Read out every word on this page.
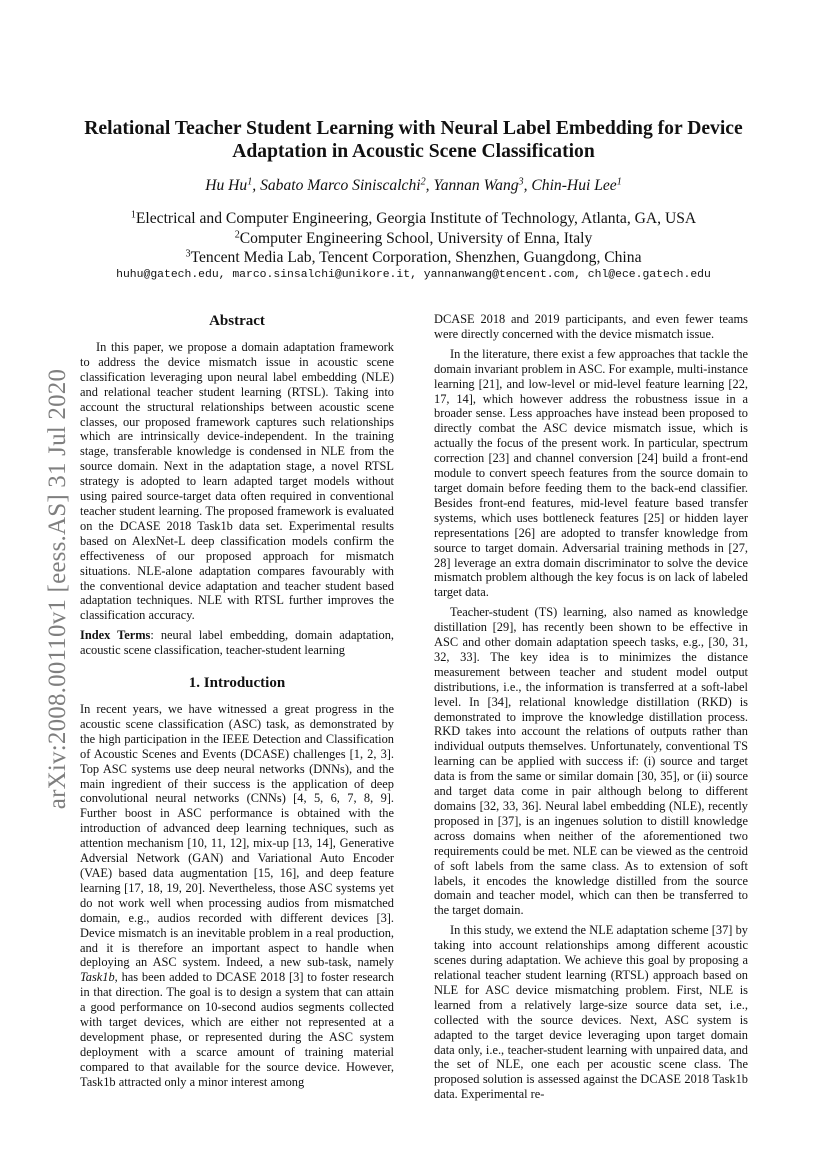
arXiv:2008.00110v1 [eess.AS] 31 Jul 2020
Relational Teacher Student Learning with Neural Label Embedding for Device
Adaptation in Acoustic Scene Classification
Hu Hu$^1$, Sabato Marco Siniscalchi$^2$, Yannan Wang$^3$, Chin-Hui Lee$^1$
$^1$Electrical and Computer Engineering, Georgia Institute of Technology, Atlanta, GA, USA
$^2$Computer Engineering School, University of Enna, Italy
$^3$Tencent Media Lab, Tencent Corporation, Shenzhen, Guangdong, China
huhu@gatech.edu, marco.sinsalchi@unikore.it, yannanwang@tencent.com, chl@ece.gatech.edu
Abstract

In this paper, we propose a domain adaptation framework to address the device mismatch issue in acoustic scene classification leveraging upon neural label embedding (NLE) and relational teacher student learning (RTSL). Taking into account the structural relationships between acoustic scene classes, our proposed framework captures such relationships which are intrinsically device-independent. In the training stage, transferable knowledge is condensed in NLE from the source domain. Next in the adaptation stage, a novel RTSL strategy is adopted to learn adapted target models without using paired source-target data often required in conventional teacher student learning. The proposed framework is evaluated on the DCASE 2018 Task1b data set. Experimental results based on AlexNet-L deep classification models confirm the effectiveness of our proposed approach for mismatch situations. NLE-alone adaptation compares favourably with the conventional device adaptation and teacher student based adaptation techniques. NLE with RTSL further improves the classification accuracy.

Index Terms: neural label embedding, domain adaptation, acoustic scene classification, teacher-student learning

1. Introduction

In recent years, we have witnessed a great progress in the acoustic scene classification (ASC) task, as demonstrated by the high participation in the IEEE Detection and Classification of Acoustic Scenes and Events (DCASE) challenges [1, 2, 3]. Top ASC systems use deep neural networks (DNNs), and the main ingredient of their success is the application of deep convolutional neural networks (CNNs) [4, 5, 6, 7, 8, 9]. Further boost in ASC performance is obtained with the introduction of advanced deep learning techniques, such as attention mechanism [10, 11, 12], mix-up [13, 14], Generative Adversial Network (GAN) and Variational Auto Encoder (VAE) based data augmentation [15, 16], and deep feature learning [17, 18, 19, 20]. Nevertheless, those ASC systems yet do not work well when processing audios from mismatched domain, e.g., audios recorded with different devices [3]. Device mismatch is an inevitable problem in a real production, and it is therefore an important aspect to handle when deploying an ASC system. Indeed, a new sub-task, namely Task1b, has been added to DCASE 2018 [3] to foster research in that direction. The goal is to design a system that can attain a good performance on 10-second audios segments collected with target devices, which are either not represented at a development phase, or represented during the ASC system deployment with a scarce amount of training material compared to that available for the source device. However, Task1b attracted only a minor interest among

DCASE 2018 and 2019 participants, and even fewer teams were directly concerned with the device mismatch issue.

In the literature, there exist a few approaches that tackle the domain invariant problem in ASC. For example, multi-instance learning [21], and low-level or mid-level feature learning [22, 17, 14], which however address the robustness issue in a broader sense. Less approaches have instead been proposed to directly combat the ASC device mismatch issue, which is actually the focus of the present work. In particular, spectrum correction [23] and channel conversion [24] build a front-end module to convert speech features from the source domain to target domain before feeding them to the back-end classifier. Besides front-end features, mid-level feature based transfer systems, which uses bottleneck features [25] or hidden layer representations [26] are adopted to transfer knowledge from source to target domain. Adversarial training methods in [27, 28] leverage an extra domain discriminator to solve the device mismatch problem although the key focus is on lack of labeled target data.

Teacher-student (TS) learning, also named as knowledge distillation [29], has recently been shown to be effective in ASC and other domain adaptation speech tasks, e.g., [30, 31, 32, 33]. The key idea is to minimizes the distance measurement between teacher and student model output distributions, i.e., the information is transferred at a soft-label level. In [34], relational knowledge distillation (RKD) is demonstrated to improve the knowledge distillation process. RKD takes into account the relations of outputs rather than individual outputs themselves. Unfortunately, conventional TS learning can be applied with success if: (i) source and target data is from the same or similar domain [30, 35], or (ii) source and target data come in pair although belong to different domains [32, 33, 36]. Neural label embedding (NLE), recently proposed in [37], is an ingenues solution to distill knowledge across domains when neither of the aforementioned two requirements could be met. NLE can be viewed as the centroid of soft labels from the same class. As to extension of soft labels, it encodes the knowledge distilled from the source domain and teacher model, which can then be transferred to the target domain.

In this study, we extend the NLE adaptation scheme [37] by taking into account relationships among different acoustic scenes during adaptation. We achieve this goal by proposing a relational teacher student learning (RTSL) approach based on NLE for ASC device mismatching problem. First, NLE is learned from a relatively large-size source data set, i.e., collected with the source devices. Next, ASC system is adapted to the target device leveraging upon target domain data only, i.e., teacher-student learning with unpaired data, and the set of NLE, one each per acoustic scene class. The proposed solution is assessed against the DCASE 2018 Task1b data. Experimental re-
